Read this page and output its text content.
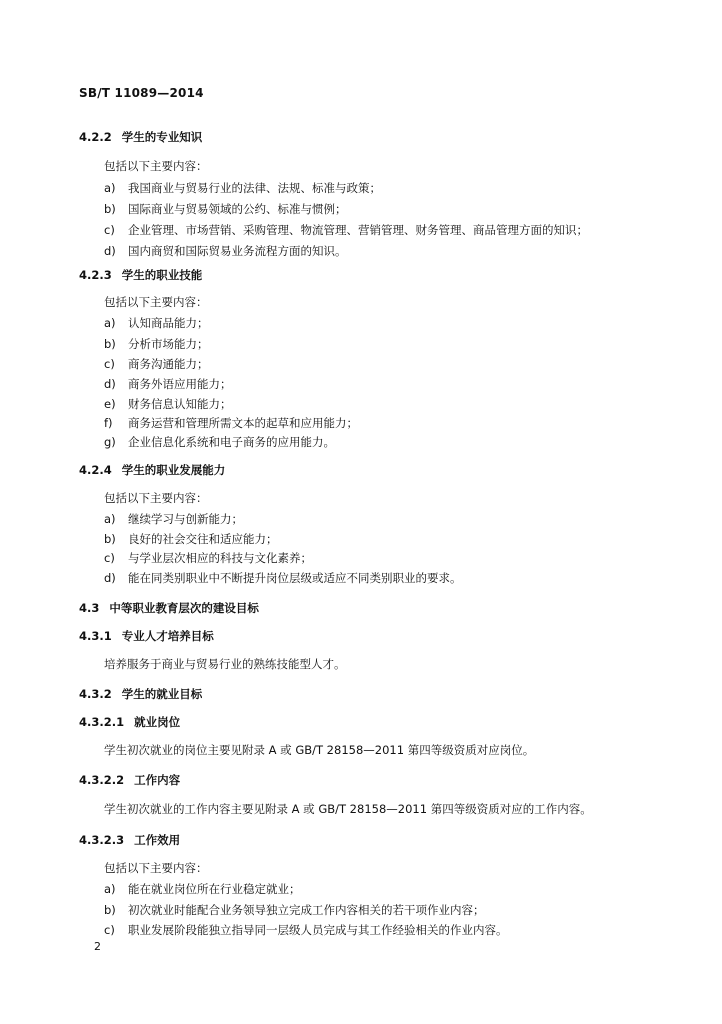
SB/T 11089—2014
4.2.2 学生的专业知识
包括以下主要内容：
a) 我国商业与贸易行业的法律、法规、标准与政策；
b) 国际商业与贸易领域的公约、标准与惯例；
c) 企业管理、市场营销、采购管理、物流管理、营销管理、财务管理、商品管理方面的知识；
d) 国内商贸和国际贸易业务流程方面的知识。
4.2.3 学生的职业技能
包括以下主要内容：
a) 认知商品能力；
b) 分析市场能力；
c) 商务沟通能力；
d) 商务外语应用能力；
e) 财务信息认知能力；
f) 商务运营和管理所需文本的起草和应用能力；
g) 企业信息化系统和电子商务的应用能力。
4.2.4 学生的职业发展能力
包括以下主要内容：
a) 继续学习与创新能力；
b) 良好的社会交往和适应能力；
c) 与学业层次相应的科技与文化素养；
d) 能在同类别职业中不断提升岗位层级或适应不同类别职业的要求。
4.3 中等职业教育层次的建设目标
4.3.1 专业人才培养目标
培养服务于商业与贸易行业的熟练技能型人才。
4.3.2 学生的就业目标
4.3.2.1 就业岗位
学生初次就业的岗位主要见附录 A 或 GB/T 28158—2011 第四等级资质对应岗位。
4.3.2.2 工作内容
学生初次就业的工作内容主要见附录 A 或 GB/T 28158—2011 第四等级资质对应的工作内容。
4.3.2.3 工作效用
包括以下主要内容：
a) 能在就业岗位所在行业稳定就业；
b) 初次就业时能配合业务领导独立完成工作内容相关的若干项作业内容；
c) 职业发展阶段能独立指导同一层级人员完成与其工作经验相关的作业内容。
2
